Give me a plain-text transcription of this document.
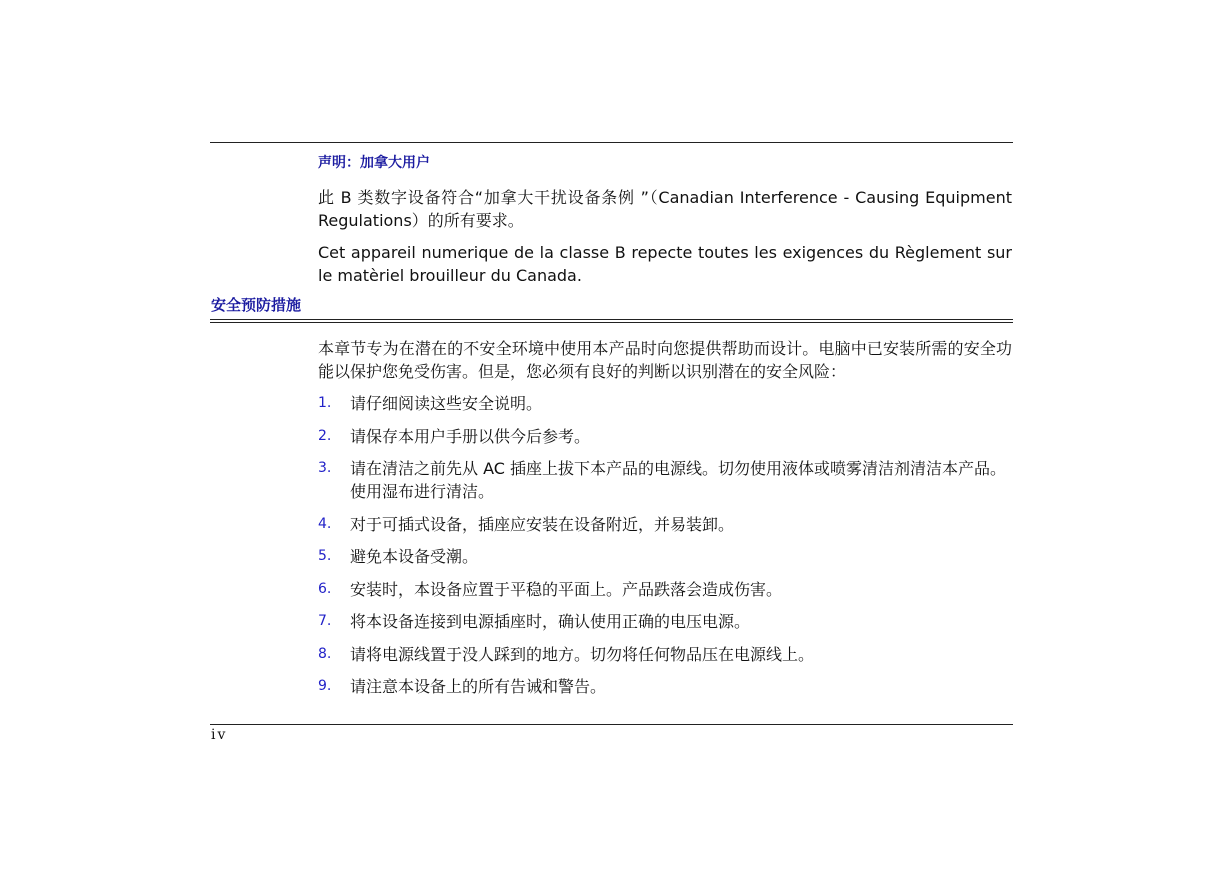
声明：加拿大用户
此 B 类数字设备符合“加拿大干扰设备条例 ”（Canadian Interference - Causing Equipment Regulations）的所有要求。
Cet appareil numerique de la classe B repecte toutes les exigences du Règlement sur le matèriel brouilleur du Canada.
安全预防措施
本章节专为在潜在的不安全环境中使用本产品时向您提供帮助而设计。电脑中已安装所需的安全功能以保护您免受伤害。但是，您必须有良好的判断以识别潜在的安全风险：
1. 请仔细阅读这些安全说明。
2. 请保存本用户手册以供今后参考。
3. 请在清洁之前先从 AC 插座上拔下本产品的电源线。切勿使用液体或喷雾清洁剂清洁本产品。使用湿布进行清洁。
4. 对于可插式设备，插座应安装在设备附近，并易装卸。
5. 避免本设备受潮。
6. 安装时，本设备应置于平稳的平面上。产品跌落会造成伤害。
7. 将本设备连接到电源插座时，确认使用正确的电压电源。
8. 请将电源线置于没人踩到的地方。切勿将任何物品压在电源线上。
9. 请注意本设备上的所有告诫和警告。
iv
